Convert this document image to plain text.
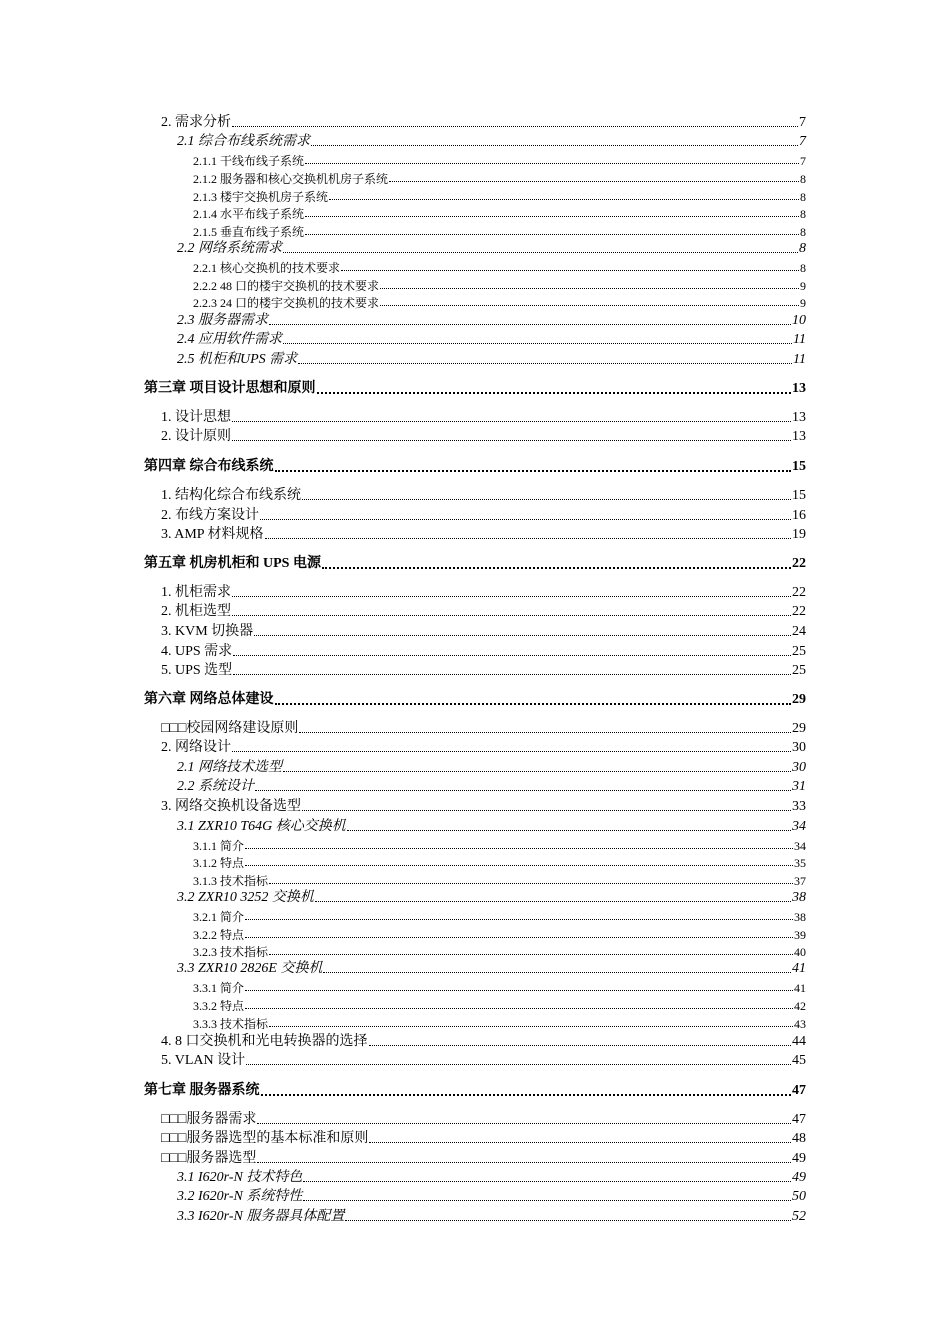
2. 需求分析	7
2.1 综合布线系统需求	7
2.1.1 干线布线子系统	7
2.1.2 服务器和核心交换机机房子系统	8
2.1.3 楼宇交换机房子系统	8
2.1.4 水平布线子系统	8
2.1.5 垂直布线子系统	8
2.2 网络系统需求	8
2.2.1 核心交换机的技术要求	8
2.2.2 48 口的楼宇交换机的技术要求	9
2.2.3 24 口的楼宇交换机的技术要求	9
2.3 服务器需求	10
2.4 应用软件需求	11
2.5 机柜和UPS 需求	11
第三章 项目设计思想和原则	13
1. 设计思想	13
2. 设计原则	13
第四章 综合布线系统	15
1. 结构化综合布线系统	15
2. 布线方案设计	16
3. AMP 材料规格	19
第五章 机房机柜和 UPS 电源	22
1. 机柜需求	22
2. 机柜选型	22
3. KVM 切换器	24
4. UPS 需求	25
5. UPS 选型	25
第六章 网络总体建设	29
□□□校园网络建设原则	29
2. 网络设计	30
2.1 网络技术选型	30
2.2 系统设计	31
3. 网络交换机设备选型	33
3.1 ZXR10 T64G 核心交换机	34
3.1.1 简介	34
3.1.2 特点	35
3.1.3 技术指标	37
3.2 ZXR10 3252 交换机	38
3.2.1 简介	38
3.2.2 特点	39
3.2.3 技术指标	40
3.3 ZXR10 2826E 交换机	41
3.3.1 简介	41
3.3.2 特点	42
3.3.3 技术指标	43
4. 8 口交换机和光电转换器的选择	44
5. VLAN 设计	45
第七章 服务器系统	47
□□□服务器需求	47
□□□服务器选型的基本标准和原则	48
□□□服务器选型	49
3.1 I620r-N 技术特色	49
3.2 I620r-N 系统特性	50
3.3 I620r-N 服务器具体配置	52
